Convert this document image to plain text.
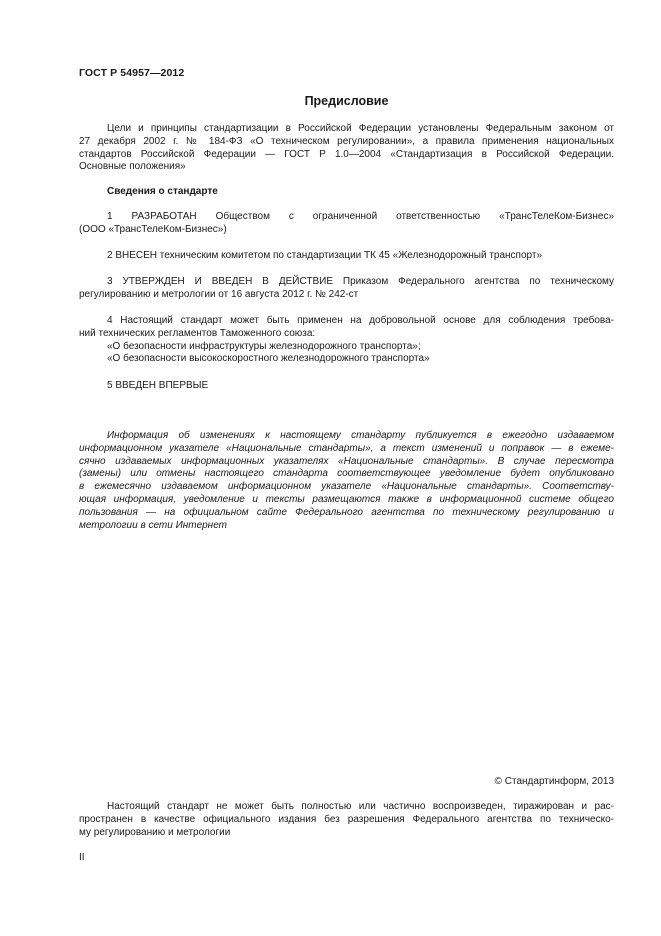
ГОСТ Р 54957—2012
Предисловие
Цели и принципы стандартизации в Российской Федерации установлены Федеральным законом от
27 декабря 2002 г. № 184-ФЗ «О техническом регулировании», а правила применения национальных
стандартов Российской Федерации — ГОСТ Р 1.0—2004 «Стандартизация в Российской Федерации.
Основные положения»
Сведения о стандарте
1 РАЗРАБОТАН Обществом с ограниченной ответственностью «ТрансТелеКом-Бизнес»
(ООО «ТрансТелеКом-Бизнес»)
2 ВНЕСЕН техническим комитетом по стандартизации ТК 45 «Железнодорожный транспорт»
3 УТВЕРЖДЕН И ВВЕДЕН В ДЕЙСТВИЕ Приказом Федерального агентства по техническому
регулированию и метрологии от 16 августа 2012 г. № 242-ст
4 Настоящий стандарт может быть применен на добровольной основе для соблюдения требова-
ний технических регламентов Таможенного союза:
«О безопасности инфраструктуры железнодорожного транспорта»;
«О безопасности высокоскоростного железнодорожного транспорта»
5 ВВЕДЕН ВПЕРВЫЕ
Информация об изменениях к настоящему стандарту публикуется в ежегодно издаваемом
информационном указателе «Национальные стандарты», а текст изменений и поправок — в ежеме-
сячно издаваемых информационных указателях «Национальные стандарты». В случае пересмотра
(замены) или отмены настоящего стандарта соответствующее уведомление будет опубликовано
в ежемесячно издаваемом информационном указателе «Национальные стандарты». Соответству-
ющая информация, уведомление и тексты размещаются также в информационной системе общего
пользования — на официальном сайте Федерального агентства по техническому регулированию и
метрологии в сети Интернет
© Стандартинформ, 2013
Настоящий стандарт не может быть полностью или частично воспроизведен, тиражирован и рас-
пространен в качестве официального издания без разрешения Федерального агентства по техническо-
му регулированию и метрологии
II
